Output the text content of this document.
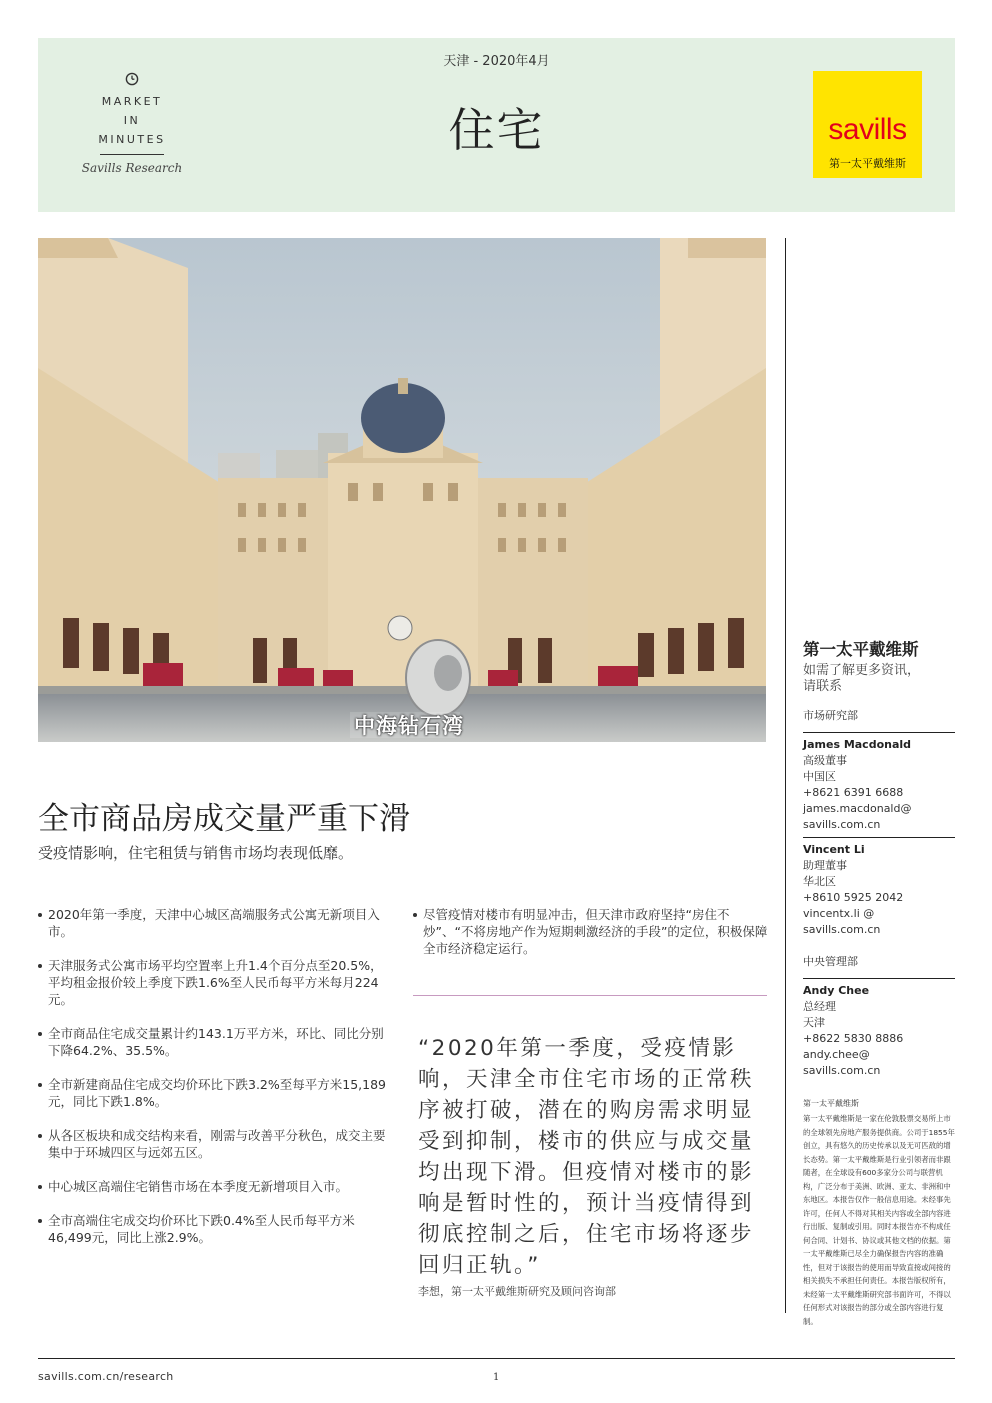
MARKET
IN
MINUTES
Savills Research
天津 - 2020年4月
住宅	savills
第一太平戴维斯
中海钻石湾
全市商品房成交量严重下滑
受疫情影响，住宅租赁与销售市场均表现低靡。
2020年第一季度，天津中心城区高端服务式公寓无新项目入市。
天津服务式公寓市场平均空置率上升1.4个百分点至20.5%，平均租金报价较上季度下跌1.6%至人民币每平方米每月224元。
全市商品住宅成交量累计约143.1万平方米，环比、同比分别下降64.2%、35.5%。
全市新建商品住宅成交均价环比下跌3.2%至每平方米15,189元，同比下跌1.8%。
从各区板块和成交结构来看，刚需与改善平分秋色，成交主要集中于环城四区与远郊五区。
中心城区高端住宅销售市场在本季度无新增项目入市。
全市高端住宅成交均价环比下跌0.4%至人民币每平方米46,499元，同比上涨2.9%。
尽管疫情对楼市有明显冲击，但天津市政府坚持“房住不炒”、“不将房地产作为短期刺激经济的手段”的定位，积极保障全市经济稳定运行。
“2020年第一季度，受疫情影响，天津全市住宅市场的正常秩序被打破，潜在的购房需求明显受到抑制，楼市的供应与成交量均出现下滑。但疫情对楼市的影响是暂时性的，预计当疫情得到彻底控制之后，住宅市场将逐步回归正轨。”
李想，第一太平戴维斯研究及顾问咨询部
第一太平戴维斯
如需了解更多资讯，
请联系
市场研究部
James Macdonald
高级董事
中国区
+8621 6391 6688
james.macdonald@
savills.com.cn
Vincent Li
助理董事
华北区
+8610 5925 2042
vincentx.li @
savills.com.cn
中央管理部
Andy Chee
总经理
天津
+8622 5830 8886
andy.chee@
savills.com.cn
第一太平戴维斯
第一太平戴维斯是一家在伦敦股票交易所上市的全球领先房地产服务提供商。公司于1855年创立，具有悠久的历史传承以及无可匹敌的增长态势。第一太平戴维斯是行业引领者而非跟随者，在全球设有600多家分公司与联营机构，广泛分布于美洲、欧洲、亚太、非洲和中东地区。本报告仅作一般信息用途。未经事先许可，任何人不得对其相关内容或全部内容进行出版、复制或引用。同时本报告亦不构成任何合同、计划书、协议或其他文档的依据。第一太平戴维斯已尽全力确保报告内容的准确性，但对于该报告的使用而导致直接或间接的相关损失不承担任何责任。本报告版权所有，未经第一太平戴维斯研究部书面许可，不得以任何形式对该报告的部分或全部内容进行复制。
savills.com.cn/research	1
